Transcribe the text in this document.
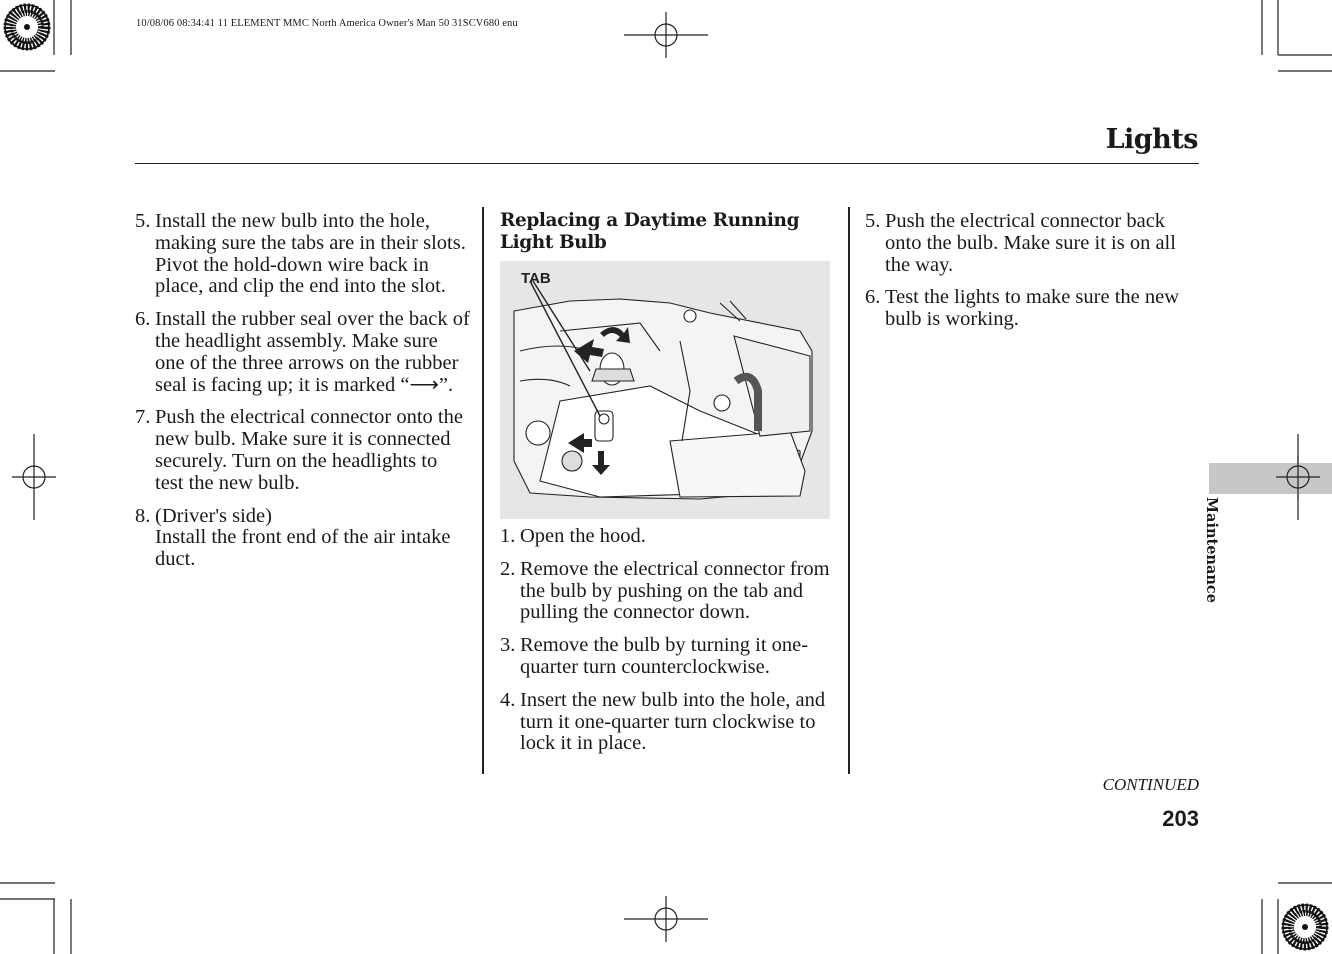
10/08/06 08:34:41 11 ELEMENT MMC North America Owner's Man 50 31SCV680 enu
Lights
5. Install the new bulb into the hole, making sure the tabs are in their slots. Pivot the hold-down wire back in place, and clip the end into the slot.
6. Install the rubber seal over the back of the headlight assembly. Make sure one of the three arrows on the rubber seal is facing up; it is marked “⟶”.
7. Push the electrical connector onto the new bulb. Make sure it is connected securely. Turn on the headlights to test the new bulb.
8. (Driver's side)
Install the front end of the air intake duct.
Replacing a Daytime Running Light Bulb
TAB
1. Open the hood.
2. Remove the electrical connector from the bulb by pushing on the tab and pulling the connector down.
3. Remove the bulb by turning it one-quarter turn counterclockwise.
4. Insert the new bulb into the hole, and turn it one-quarter turn clockwise to lock it in place.
5. Push the electrical connector back onto the bulb. Make sure it is on all the way.
6. Test the lights to make sure the new bulb is working.
Maintenance
CONTINUED
203
